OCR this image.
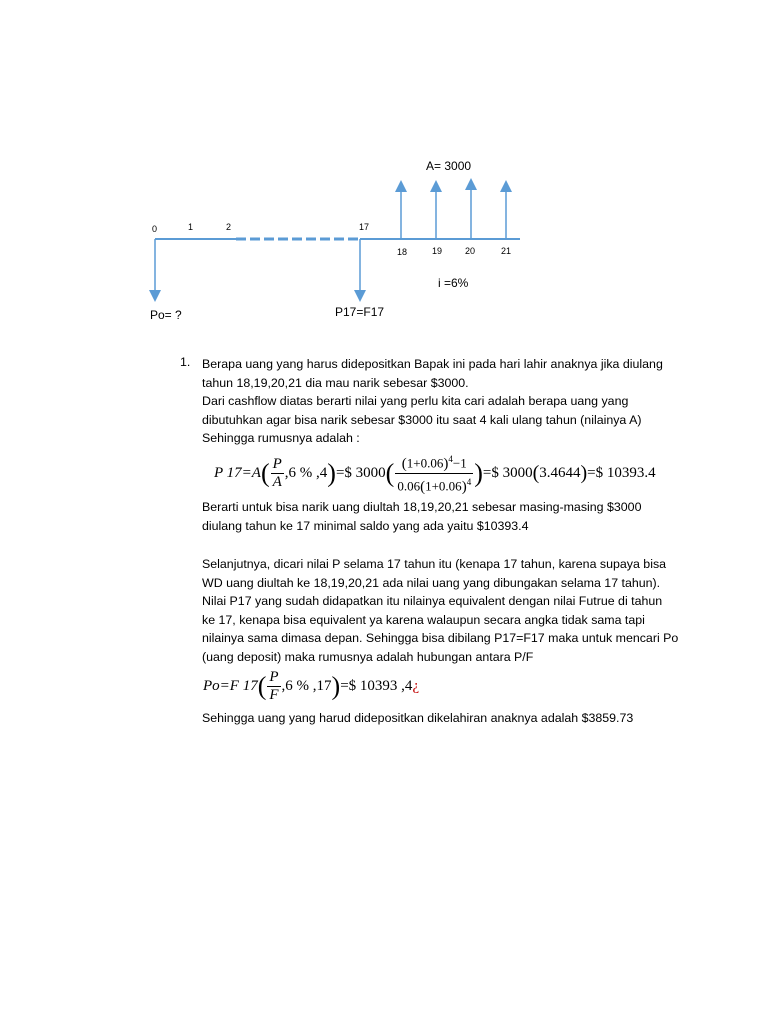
A= 3000
0	1	2	17
18	19	20	21
i =6%
Po= ?	P17=F17
1. Berapa uang yang harus didepositkan Bapak ini pada hari lahir anaknya jika diulang

tahun 18,19,20,21 dia mau narik sebesar $3000.

Dari cashflow diatas berarti nilai yang perlu kita cari adalah berapa uang yang

dibutuhkan agar bisa narik sebesar $3000 itu saat 4 kali ulang tahun (nilainya A)

Sehingga rumusnya adalah :

P $17=A( \frac{P}{A} ,6$ % ,4)=$ $3000( \frac{(1+0.06)^4-1}{0.06(1+0.06)^4}$ )=$ 3000(3.4644)=$ 10393.4

Berarti untuk bisa narik uang diultah 18,19,20,21 sebesar masing-masing $3000

diulang tahun ke 17 minimal saldo yang ada yaitu $10393.4

Selanjutnya, dicari nilai P selama 17 tahun itu (kenapa 17 tahun, karena supaya bisa

WD uang diultah ke 18,19,20,21 ada nilai uang yang dibungakan selama 17 tahun).

Nilai P17 yang sudah didapatkan itu nilainya equivalent dengan nilai Futrue di tahun

ke 17, kenapa bisa equivalent ya karena walaupun secara angka tidak sama tapi

nilainya sama dimasa depan. Sehingga bisa dibilang P17=F17 maka untuk mencari Po

(uang deposit) maka rumusnya adalah hubungan antara P/F

Po=F $17( \frac{P}{F} ,6$ % ,17)=$ 10393 ,4¿
Sehingga uang yang harud didepositkan dikelahiran anaknya adalah $3859.73
